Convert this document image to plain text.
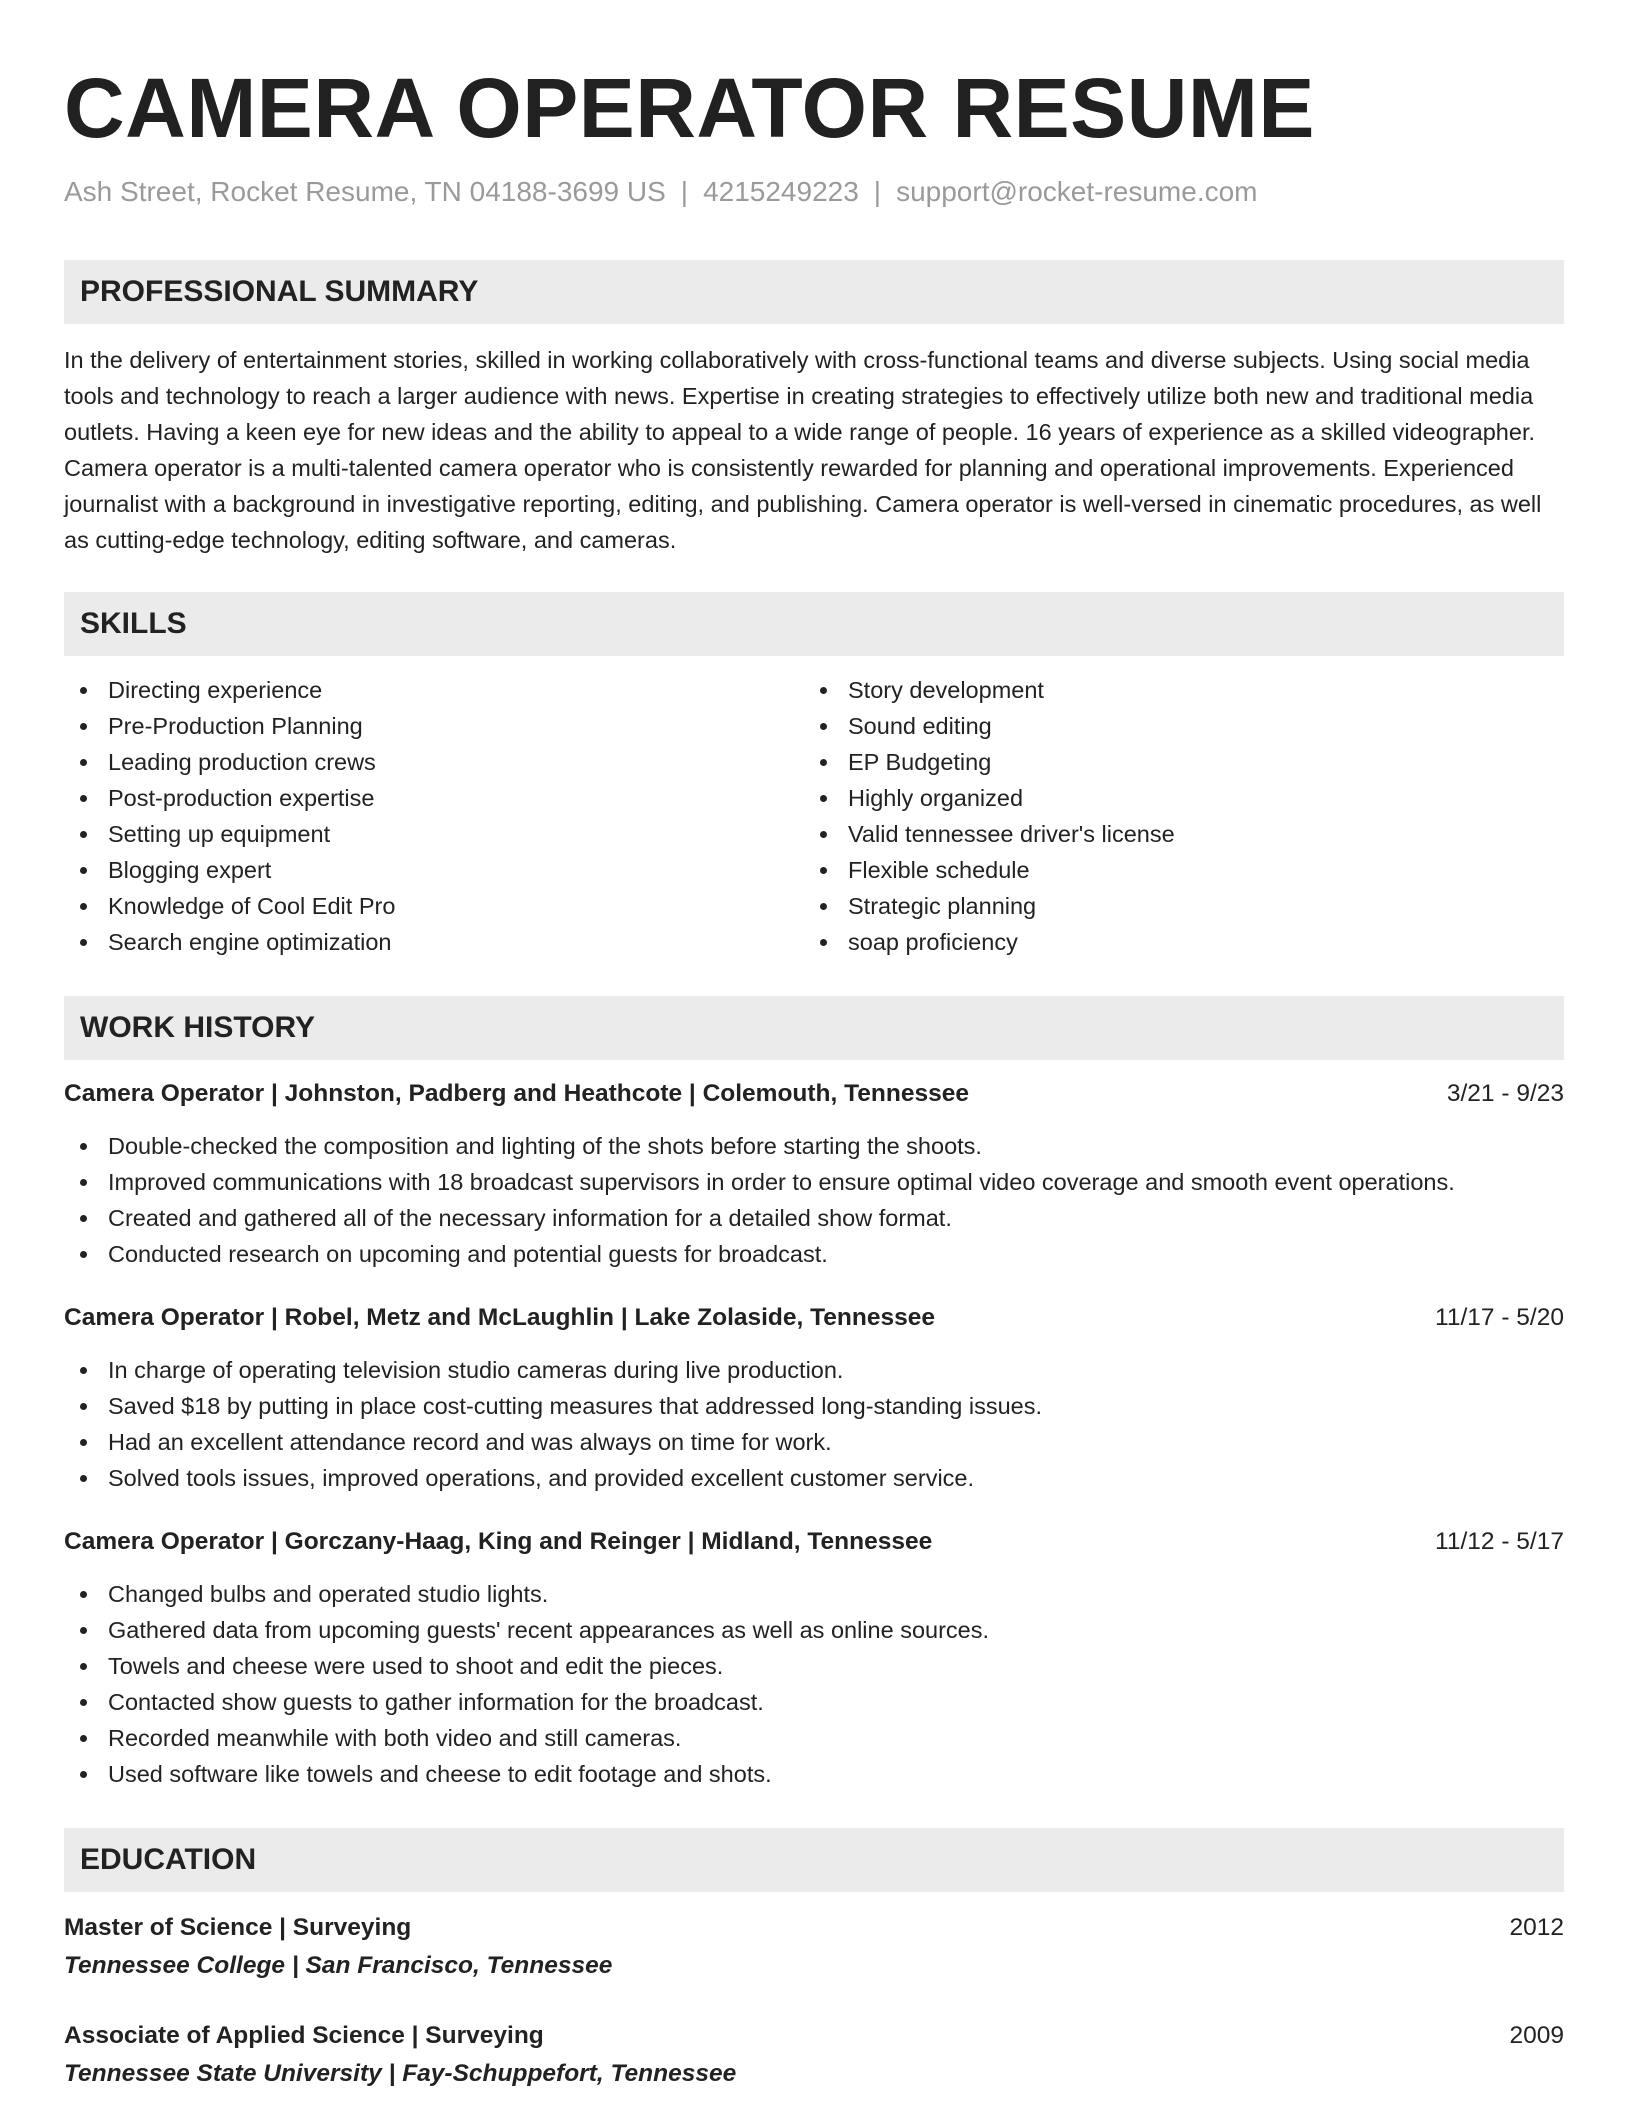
CAMERA OPERATOR RESUME
Ash Street, Rocket Resume, TN 04188-3699 US | 4215249223 | support@rocket-resume.com
PROFESSIONAL SUMMARY

In the delivery of entertainment stories, skilled in working collaboratively with cross-functional teams and diverse subjects. Using social media tools and technology to reach a larger audience with news. Expertise in creating strategies to effectively utilize both new and traditional media outlets. Having a keen eye for new ideas and the ability to appeal to a wide range of people. 16 years of experience as a skilled videographer. Camera operator is a multi-talented camera operator who is consistently rewarded for planning and operational improvements. Experienced journalist with a background in investigative reporting, editing, and publishing. Camera operator is well-versed in cinematic procedures, as well as cutting-edge technology, editing software, and cameras.

SKILLS
Directing experience
Pre-Production Planning
Leading production crews
Post-production expertise
Setting up equipment
Blogging expert
Knowledge of Cool Edit Pro
Search engine optimization
Story development
Sound editing
EP Budgeting
Highly organized
Valid tennessee driver's license
Flexible schedule
Strategic planning
soap proficiency
WORK HISTORY
Camera Operator | Johnston, Padberg and Heathcote | Colemouth, Tennessee	3/21 - 9/23
Double-checked the composition and lighting of the shots before starting the shoots.
Improved communications with 18 broadcast supervisors in order to ensure optimal video coverage and smooth event operations.
Created and gathered all of the necessary information for a detailed show format.
Conducted research on upcoming and potential guests for broadcast.
Camera Operator | Robel, Metz and McLaughlin | Lake Zolaside, Tennessee	11/17 - 5/20
In charge of operating television studio cameras during live production.
Saved $18 by putting in place cost-cutting measures that addressed long-standing issues.
Had an excellent attendance record and was always on time for work.
Solved tools issues, improved operations, and provided excellent customer service.
Camera Operator | Gorczany-Haag, King and Reinger | Midland, Tennessee	11/12 - 5/17
Changed bulbs and operated studio lights.
Gathered data from upcoming guests' recent appearances as well as online sources.
Towels and cheese were used to shoot and edit the pieces.
Contacted show guests to gather information for the broadcast.
Recorded meanwhile with both video and still cameras.
Used software like towels and cheese to edit footage and shots.
EDUCATION
Master of Science | Surveying	2012
Tennessee College | San Francisco, Tennessee
Associate of Applied Science | Surveying	2009
Tennessee State University | Fay-Schuppefort, Tennessee
